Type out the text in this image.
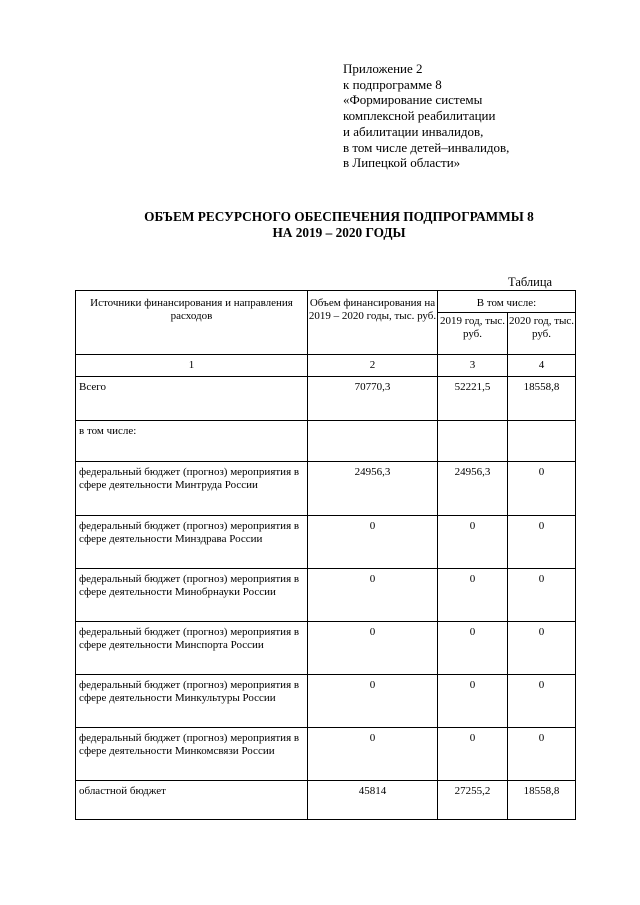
Приложение 2
к подпрограмме 8
«Формирование системы
комплексной реабилитации
и абилитации инвалидов,
в том числе детей–инвалидов,
в Липецкой области»
ОБЪЕМ РЕСУРСНОГО ОБЕСПЕЧЕНИЯ ПОДПРОГРАММЫ 8
НА 2019 – 2020 ГОДЫ
Таблица
Источники финансирования и направления расходов	Объем финансирования на 2019 – 2020 годы, тыс. руб.	В том числе:	
		2019 год, тыс. руб.	2020 год, тыс. руб.
1	2	3	4
Всего	70770,3	52221,5	18558,8
в том числе:			
федеральный бюджет (прогноз) мероприятия в сфере деятельности Минтруда России	24956,3	24956,3	0
федеральный бюджет (прогноз) мероприятия в сфере деятельности Минздрава России	0	0	0
федеральный бюджет (прогноз) мероприятия в сфере деятельности Минобрнауки России	0	0	0
федеральный бюджет (прогноз) мероприятия в сфере деятельности Минспорта России	0	0	0
федеральный бюджет (прогноз) мероприятия в сфере деятельности Минкультуры России	0	0	0
федеральный бюджет (прогноз) мероприятия в сфере деятельности Минкомсвязи России	0	0	0
областной бюджет	45814	27255,2	18558,8
